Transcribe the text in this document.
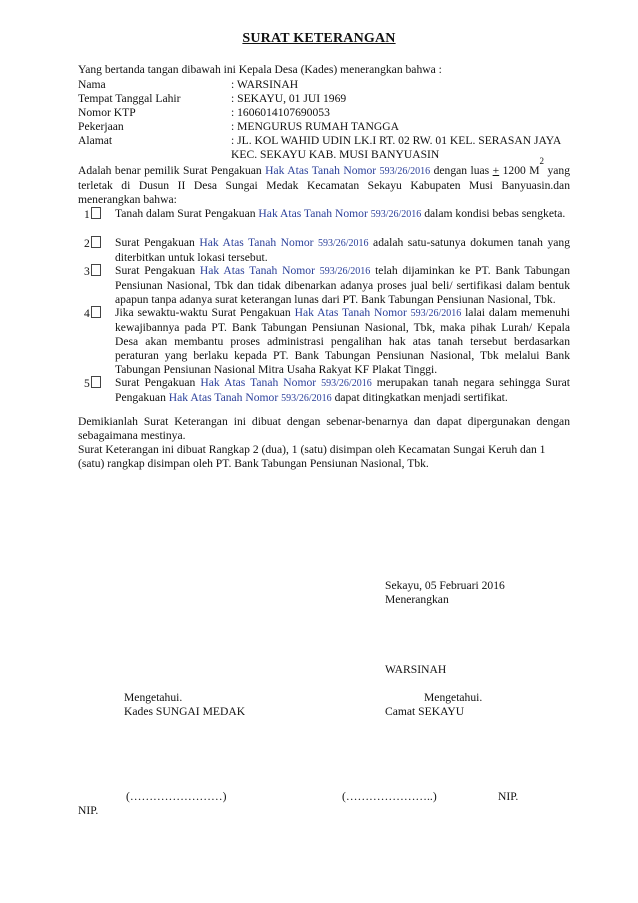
SURAT KETERANGAN
Yang bertanda tangan dibawah ini Kepala Desa (Kades) menerangkan bahwa :
Nama	: WARSINAH
Tempat Tanggal Lahir	: SEKAYU, 01 JUI 1969
Nomor KTP	: 1606014107690053
Pekerjaan	: MENGURUS RUMAH TANGGA
Alamat	: JL. KOL WAHID UDIN LK.I RT. 02 RW. 01 KEL. SERASAN JAYA
KEC. SEKAYU KAB. MUSI BANYUASIN
Adalah benar pemilik Surat Pengakuan Hak Atas Tanah Nomor 593/26/2016 dengan luas + 1200 $M^2$ yang terletak di Dusun II Desa Sungai Medak Kecamatan Sekayu Kabupaten Musi Banyuasin.dan menerangkan bahwa:
1	Tanah dalam Surat Pengakuan Hak Atas Tanah Nomor 593/26/2016 dalam kondisi bebas sengketa.
2	Surat Pengakuan Hak Atas Tanah Nomor 593/26/2016 adalah satu-satunya dokumen tanah yang diterbitkan untuk lokasi tersebut.
3	Surat Pengakuan Hak Atas Tanah Nomor 593/26/2016 telah dijaminkan ke PT. Bank Tabungan Pensiunan Nasional, Tbk dan tidak dibenarkan adanya proses jual beli/ sertifikasi dalam bentuk apapun tanpa adanya surat keterangan lunas dari PT. Bank Tabungan Pensiunan Nasional, Tbk.
4	Jika sewaktu-waktu Surat Pengakuan Hak Atas Tanah Nomor 593/26/2016 lalai dalam memenuhi kewajibannya pada PT. Bank Tabungan Pensiunan Nasional, Tbk, maka pihak Lurah/ Kepala Desa akan membantu proses administrasi pengalihan hak atas tanah tersebut berdasarkan peraturan yang berlaku kepada PT. Bank Tabungan Pensiunan Nasional, Tbk melalui Bank Tabungan Pensiunan Nasional Mitra Usaha Rakyat KF Plakat Tinggi.
5	Surat Pengakuan Hak Atas Tanah Nomor 593/26/2016 merupakan tanah negara sehingga Surat Pengakuan Hak Atas Tanah Nomor 593/26/2016 dapat ditingkatkan menjadi sertifikat.
Demikianlah Surat Keterangan ini dibuat dengan sebenar-benarnya dan dapat dipergunakan dengan sebagaimana mestinya.
Surat Keterangan ini dibuat Rangkap 2 (dua), 1 (satu) disimpan oleh Kecamatan Sungai Keruh dan 1 (satu) rangkap disimpan oleh PT. Bank Tabungan Pensiunan Nasional, Tbk.
Sekayu, 05 Februari 2016
Menerangkan
WARSINAH
Mengetahui.
Kades SUNGAI MEDAK
Mengetahui.
Camat SEKAYU
(……………………)	(…………………..)	NIP.
NIP.
